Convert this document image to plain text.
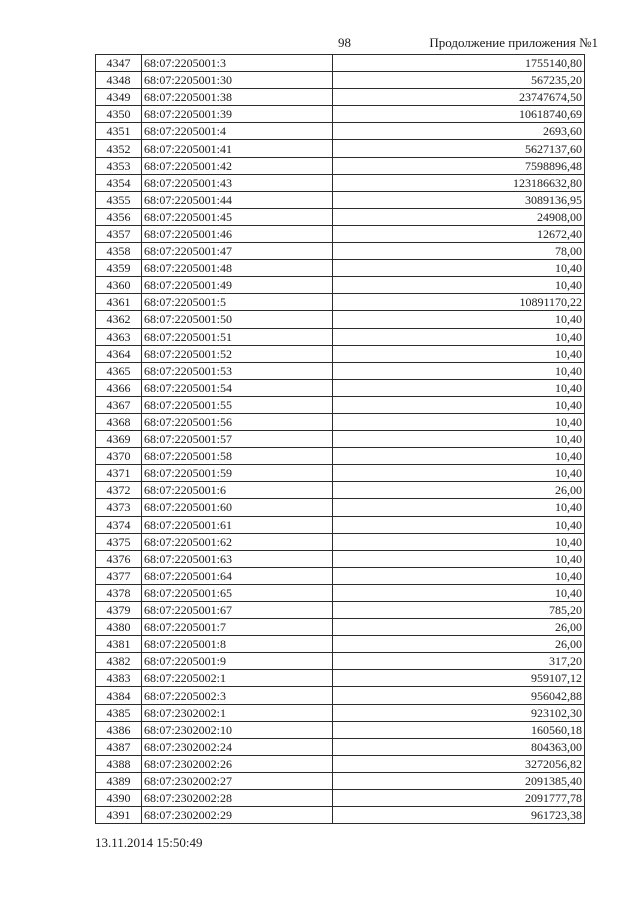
98	Продолжение приложения №1
4347	68:07:2205001:3	1755140,80
4348	68:07:2205001:30	567235,20
4349	68:07:2205001:38	23747674,50
4350	68:07:2205001:39	10618740,69
4351	68:07:2205001:4	2693,60
4352	68:07:2205001:41	5627137,60
4353	68:07:2205001:42	7598896,48
4354	68:07:2205001:43	123186632,80
4355	68:07:2205001:44	3089136,95
4356	68:07:2205001:45	24908,00
4357	68:07:2205001:46	12672,40
4358	68:07:2205001:47	78,00
4359	68:07:2205001:48	10,40
4360	68:07:2205001:49	10,40
4361	68:07:2205001:5	10891170,22
4362	68:07:2205001:50	10,40
4363	68:07:2205001:51	10,40
4364	68:07:2205001:52	10,40
4365	68:07:2205001:53	10,40
4366	68:07:2205001:54	10,40
4367	68:07:2205001:55	10,40
4368	68:07:2205001:56	10,40
4369	68:07:2205001:57	10,40
4370	68:07:2205001:58	10,40
4371	68:07:2205001:59	10,40
4372	68:07:2205001:6	26,00
4373	68:07:2205001:60	10,40
4374	68:07:2205001:61	10,40
4375	68:07:2205001:62	10,40
4376	68:07:2205001:63	10,40
4377	68:07:2205001:64	10,40
4378	68:07:2205001:65	10,40
4379	68:07:2205001:67	785,20
4380	68:07:2205001:7	26,00
4381	68:07:2205001:8	26,00
4382	68:07:2205001:9	317,20
4383	68:07:2205002:1	959107,12
4384	68:07:2205002:3	956042,88
4385	68:07:2302002:1	923102,30
4386	68:07:2302002:10	160560,18
4387	68:07:2302002:24	804363,00
4388	68:07:2302002:26	3272056,82
4389	68:07:2302002:27	2091385,40
4390	68:07:2302002:28	2091777,78
4391	68:07:2302002:29	961723,38
13.11.2014 15:50:49
